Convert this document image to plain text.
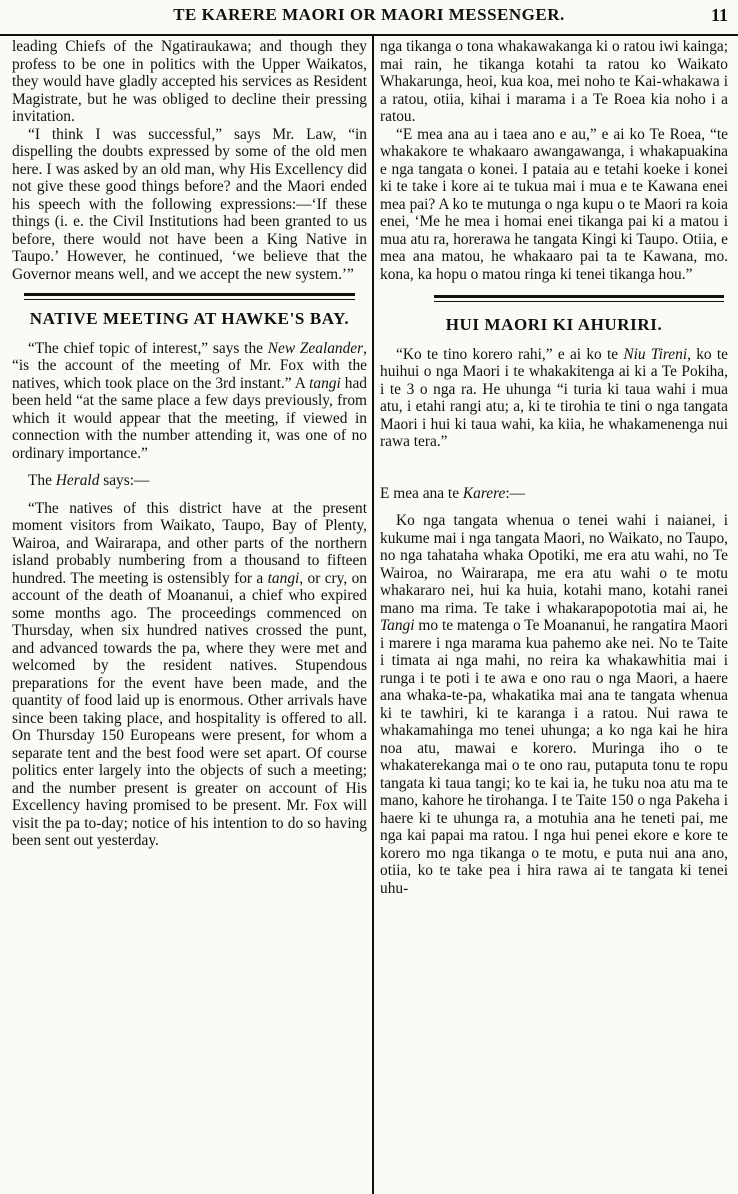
TE KARERE MAORI OR MAORI MESSENGER.	11

leading Chiefs of the Ngatiraukawa; and though they profess to be one in politics with the Upper Waikatos, they would have gladly accepted his services as Resident Magistrate, but he was obliged to decline their pressing invitation.

“I think I was successful,” says Mr. Law, “in dispelling the doubts expressed by some of the old men here. I was asked by an old man, why His Excellency did not give these good things before? and the Maori ended his speech with the following expressions:—‘If these things (i. e. the Civil Institutions had been granted to us before, there would not have been a King Native in Taupo.’ However, he continued, ‘we believe that the Governor means well, and we accept the new system.’”

NATIVE MEETING AT HAWKE'S BAY.

“The chief topic of interest,” says the New Zealander, “is the account of the meeting of Mr. Fox with the natives, which took place on the 3rd instant.” A tangi had been held “at the same place a few days previously, from which it would appear that the meeting, if viewed in connection with the number attending it, was one of no ordinary importance.”

The Herald says:—

“The natives of this district have at the present moment visitors from Waikato, Taupo, Bay of Plenty, Wairoa, and Wairarapa, and other parts of the northern island probably numbering from a thousand to fifteen hundred. The meeting is ostensibly for a tangi, or cry, on account of the death of Moananui, a chief who expired some months ago. The proceedings commenced on Thursday, when six hundred natives crossed the punt, and advanced towards the pa, where they were met and welcomed by the resident natives. Stupendous preparations for the event have been made, and the quantity of food laid up is enormous. Other arrivals have since been taking place, and hospitality is offered to all. On Thursday 150 Europeans were present, for whom a separate tent and the best food were set apart. Of course politics enter largely into the objects of such a meeting; and the number present is greater on account of His Excellency having promised to be present. Mr. Fox will visit the pa to-day; notice of his intention to do so having been sent out yesterday.

nga tikanga o tona whakawakanga ki o ratou iwi kainga; mai rain, he tikanga kotahi ta ratou ko Waikato Whakarunga, heoi, kua koa, mei noho te Kai-whakawa i a ratou, otiia, kihai i marama i a Te Roea kia noho i a ratou.

“E mea ana au i taea ano e au,” e ai ko Te Roea, “te whakakore te whakaaro awangawanga, i whakapuakina e nga tangata o konei. I pataia au e tetahi koeke i konei ki te take i kore ai te tukua mai i mua e te Kawana enei mea pai? A ko te mutunga o nga kupu o te Maori ra koia enei, ‘Me he mea i homai enei tikanga pai ki a matou i mua atu ra, horerawa he tangata Kingi ki Taupo. Otiia, e mea ana matou, he whakaaro pai ta te Kawana, mo. kona, ka hopu o matou ringa ki tenei tikanga hou.”

HUI MAORI KI AHURIRI.

“Ko te tino korero rahi,” e ai ko te Niu Tireni, ko te huihui o nga Maori i te whakakitenga ai ki a Te Pokiha, i te 3 o nga ra. He uhunga “i turia ki taua wahi i mua atu, i etahi rangi atu; a, ki te tirohia te tini o nga tangata Maori i hui ki taua wahi, ka kiia, he whakamenenga nui rawa tera.”

E mea ana te Karere:—

Ko nga tangata whenua o tenei wahi i naianei, i kukume mai i nga tangata Maori, no Waikato, no Taupo, no nga tahataha whaka Opotiki, me era atu wahi, no Te Wairoa, no Wairarapa, me era atu wahi o te motu whakararo nei, hui ka huia, kotahi mano, kotahi ranei mano ma rima. Te take i whakarapopototia mai ai, he Tangi mo te matenga o Te Moananui, he rangatira Maori i marere i nga marama kua pahemo ake nei. No te Taite i timata ai nga mahi, no reira ka whakawhitia mai i runga i te poti i te awa e ono rau o nga Maori, a haere ana whaka-te-pa, whakatika mai ana te tangata whenua ki te tawhiri, ki te karanga i a ratou. Nui rawa te whakamahinga mo tenei uhunga; a ko nga kai he hira noa atu, mawai e korero. Muringa iho o te whakaterekanga mai o te ono rau, putaputa tonu te ropu tangata ki taua tangi; ko te kai ia, he tuku noa atu ma te mano, kahore he tirohanga. I te Taite 150 o nga Pakeha i haere ki te uhunga ra, a motuhia ana he teneti pai, me nga kai papai ma ratou. I nga hui penei ekore e kore te korero mo nga tikanga o te motu, e puta nui ana ano, otiia, ko te take pea i hira rawa ai te tangata ki tenei uhu-
